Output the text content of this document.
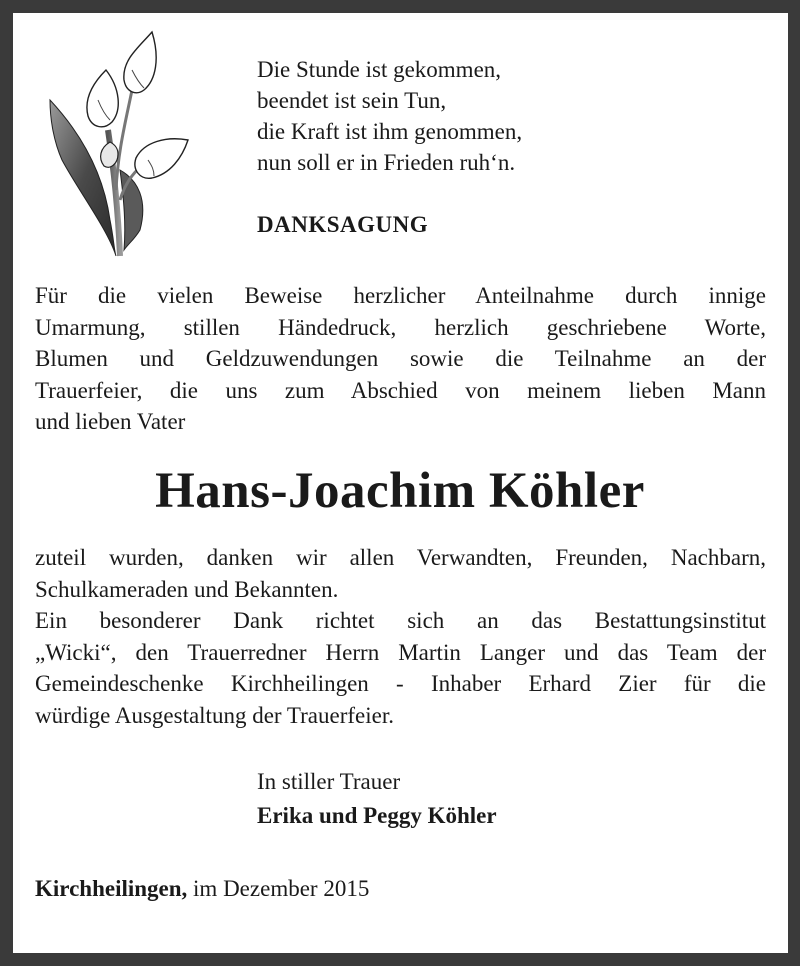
Die Stunde ist gekommen,
beendet ist sein Tun,
die Kraft ist ihm genommen,
nun soll er in Frieden ruh‘n.
DANKSAGUNG
Für die vielen Beweise herzlicher Anteilnahme durch innige
Umarmung, stillen Händedruck, herzlich geschriebene Worte,
Blumen und Geldzuwendungen sowie die Teilnahme an der
Trauerfeier, die uns zum Abschied von meinem lieben Mann
und lieben Vater
Hans-Joachim Köhler
zuteil wurden, danken wir allen Verwandten, Freunden, Nachbarn,
Schulkameraden und Bekannten.
Ein besonderer Dank richtet sich an das Bestattungsinstitut
„Wicki“, den Trauerredner Herrn Martin Langer und das Team der
Gemeindeschenke Kirchheilingen - Inhaber Erhard Zier für die
würdige Ausgestaltung der Trauerfeier.
In stiller Trauer
Erika und Peggy Köhler
Kirchheilingen, im Dezember 2015
